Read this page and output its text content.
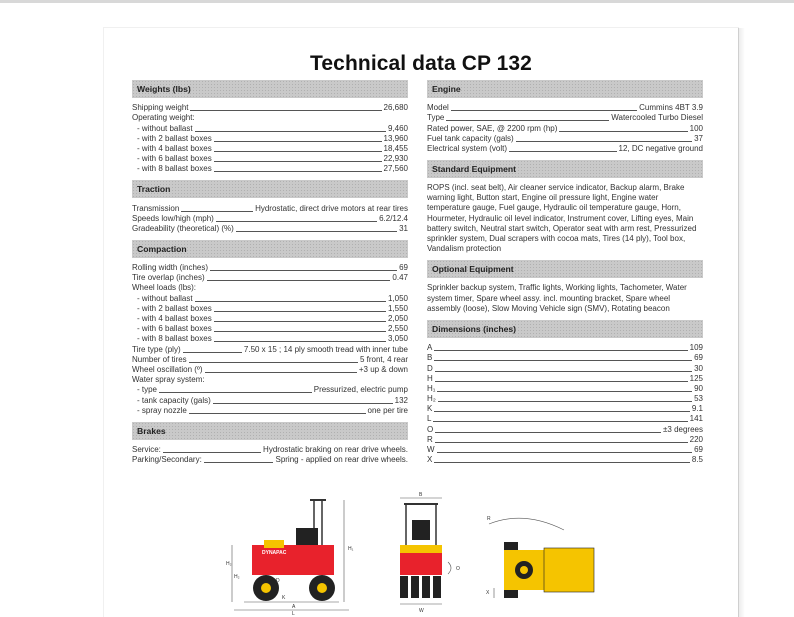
Technical data CP 132
Weights (lbs)
Shipping weight	26,680
Operating weight:
- without ballast	9,460
- with 2 ballast boxes	13,960
- with 4 ballast boxes	18,455
- with 6 ballast boxes	22,930
- with 8 ballast boxes	27,560
Traction
Transmission	Hydrostatic, direct drive motors at rear tires
Speeds low/high (mph)	6.2/12.4
Gradeability (theoretical) (%)	31
Compaction
Rolling width (inches)	69
Tire overlap (inches)	0.47
Wheel loads (lbs):
- without ballast	1,050
- with 2 ballast boxes	1,550
- with 4 ballast boxes	2,050
- with 6 ballast boxes	2,550
- with 8 ballast boxes	3,050
Tire type (ply)	7.50 x 15 ; 14 ply smooth tread with inner tube
Number of tires	5 front, 4 rear
Wheel oscillation (º)	+3 up & down
Water spray system:
- type	Pressurized, electric pump
- tank capacity (gals)	132
- spray nozzle	one per tire
Brakes
Service:	Hydrostatic braking on rear drive wheels.
Parking/Secondary:	Spring - applied on rear drive wheels.
Engine
Model	Cummins 4BT 3.9
Type	Watercooled Turbo Diesel
Rated power, SAE, @ 2200 rpm (hp)	100
Fuel tank capacity (gals)	37
Electrical system (volt)	12, DC negative ground
Standard Equipment
ROPS (incl. seat belt), Air cleaner service indicator, Backup alarm, Brake warning light, Button start, Engine oil pressure light, Engine water temperature gauge, Fuel gauge, Hydraulic oil temperature gauge, Horn, Hourmeter, Hydraulic oil level indicator, Instrument cover, Lifting eyes, Main battery switch, Neutral start switch, Operator seat with arm rest, Pressurized sprinkler system, Dual scrapers with cocoa mats, Tires (14 ply), Tool box, Vandalism protection
Optional Equipment
Sprinkler backup system, Traffic lights, Working lights, Tachometer, Water system timer, Spare wheel assy. incl. mounting bracket, Spare wheel assembly (loose), Slow Moving Vehicle sign (SMV), Rotating beacon
Dimensions (inches)
A	109
B	69
D	30
H	125
H₁	90
H₂	53
K	9.1
L	141
O	±3 degrees
R	220
W	69
X	8.5
DYNAPAC
H₂
H₂
D
K
A
L
H₁
B
W
O
R
X
